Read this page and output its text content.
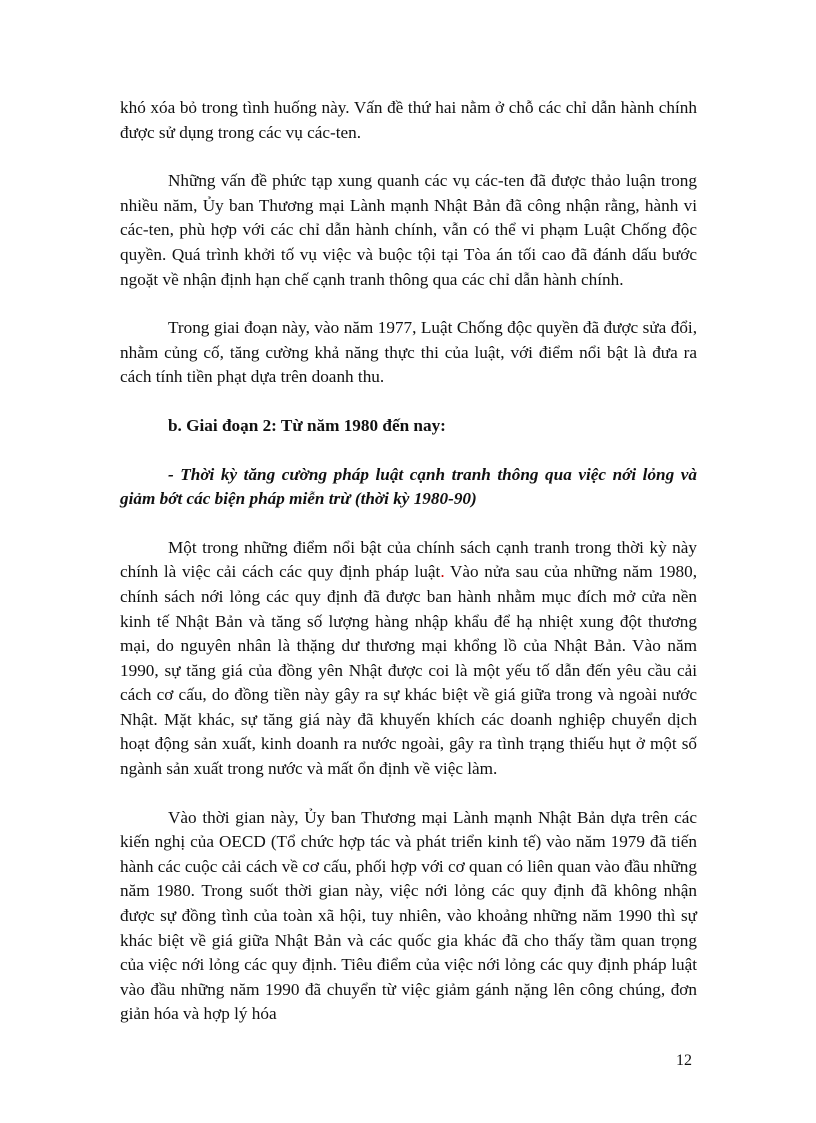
khó xóa bỏ trong tình huống này. Vấn đề thứ hai nằm ở chỗ các chỉ dẫn hành chính được sử dụng trong các vụ các-ten.

Những vấn đề phức tạp xung quanh các vụ các-ten đã được thảo luận trong nhiều năm, Ủy ban Thương mại Lành mạnh Nhật Bản đã công nhận rằng, hành vi các-ten, phù hợp với các chỉ dẫn hành chính, vẫn có thể vi phạm Luật Chống độc quyền. Quá trình khởi tố vụ việc và buộc tội tại Tòa án tối cao đã đánh dấu bước ngoặt về nhận định hạn chế cạnh tranh thông qua các chỉ dẫn hành chính.

Trong giai đoạn này, vào năm 1977, Luật Chống độc quyền đã được sửa đổi, nhằm củng cố, tăng cường khả năng thực thi của luật, với điểm nổi bật là đưa ra cách tính tiền phạt dựa trên doanh thu.

b. Giai đoạn 2: Từ năm 1980 đến nay:

- Thời kỳ tăng cường pháp luật cạnh tranh thông qua việc nới lỏng và giảm bớt các biện pháp miễn trừ (thời kỳ 1980-90)

Một trong những điểm nổi bật của chính sách cạnh tranh trong thời kỳ này chính là việc cải cách các quy định pháp luật. Vào nửa sau của những năm 1980, chính sách nới lỏng các quy định đã được ban hành nhằm mục đích mở cửa nền kinh tế Nhật Bản và tăng số lượng hàng nhập khẩu để hạ nhiệt xung đột thương mại, do nguyên nhân là thặng dư thương mại khổng lồ của Nhật Bản. Vào năm 1990, sự tăng giá của đồng yên Nhật được coi là một yếu tố dẫn đến yêu cầu cải cách cơ cấu, do đồng tiền này gây ra sự khác biệt về giá giữa trong và ngoài nước Nhật. Mặt khác, sự tăng giá này đã khuyến khích các doanh nghiệp chuyển dịch hoạt động sản xuất, kinh doanh ra nước ngoài, gây ra tình trạng thiếu hụt ở một số ngành sản xuất trong nước và mất ổn định về việc làm.

Vào thời gian này, Ủy ban Thương mại Lành mạnh Nhật Bản dựa trên các kiến nghị của OECD (Tổ chức hợp tác và phát triển kinh tế) vào năm 1979 đã tiến hành các cuộc cải cách về cơ cấu, phối hợp với cơ quan có liên quan vào đầu những năm 1980. Trong suốt thời gian này, việc nới lỏng các quy định đã không nhận được sự đồng tình của toàn xã hội, tuy nhiên, vào khoảng những năm 1990 thì sự khác biệt về giá giữa Nhật Bản và các quốc gia khác đã cho thấy tầm quan trọng của việc nới lỏng các quy định. Tiêu điểm của việc nới lỏng các quy định pháp luật vào đầu những năm 1990 đã chuyển từ việc giảm gánh nặng lên công chúng, đơn giản hóa và hợp lý hóa

12
